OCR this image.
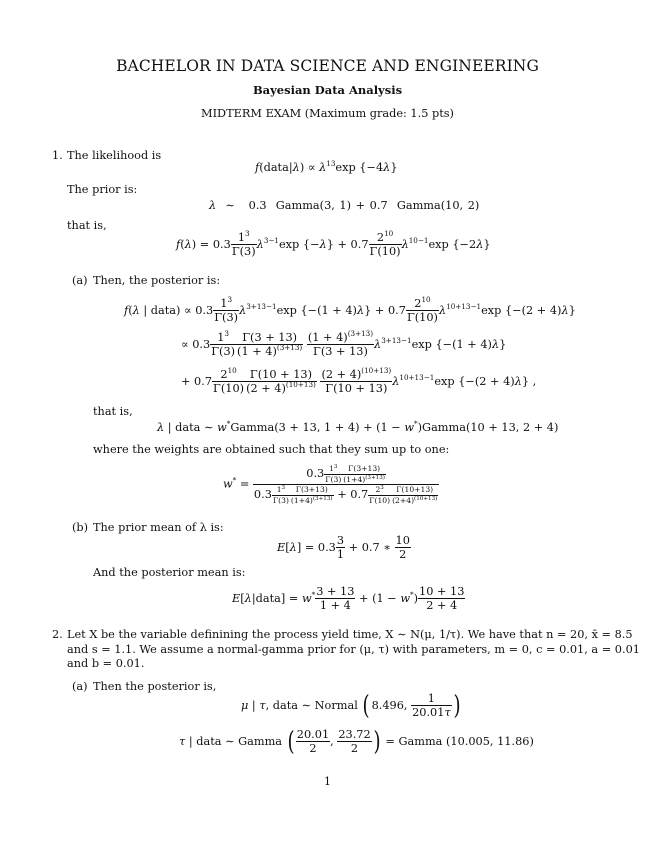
BACHELOR IN DATA SCIENCE AND ENGINEERING
Bayesian Data Analysis
MIDTERM EXAM (Maximum grade: 1.5 pts)
1. The likelihood is
f(data|λ) ∝ $\lambda^{13}\exp$ {−4λ}
The prior is:
λ  ∼   0.3  Gamma(3, 1) + 0.7  Gamma(10, 2)
that is,
$f(\lambda) = 0.3 \frac{1^3}{\Gamma(3)} \lambda^{3-1}\exp$ $\{-\lambda\} + 0.7 \frac{2^{10}}{\Gamma(10)} \lambda^{10-1}\exp$ {−2λ}
(a) Then, the posterior is:
f(λ | data) ∝ $0.3 \frac{1^3}{\Gamma(3)} \lambda^{3+13-1}\exp$ $\{-(1 + 4)\lambda\} + 0.7 \frac{2^{10}}{\Gamma(10)} \lambda^{10+13-1}\exp$ {−(2 + 4)λ}
∝ $0.3 \frac{1^3}{\Gamma(3)} \frac{\Gamma(3 + 13)}{(1 + 4)^{(3+13)}}$
$\frac{(1 + 4)^{(3+13)}}{\Gamma(3 + 13)} \lambda^{3+13-1}\exp$ {−(1 + 4)λ}
+ $0.7 \frac{2^{10}}{\Gamma(10)} \frac{\Gamma(10 + 13)}{(2 + 4)^{(10+13)}}$
$\frac{(2 + 4)^{(10+13)}}{\Gamma(10 + 13)} \lambda^{10+13-1}\exp$ {−(2 + 4)λ} ,
that is,
λ | data ∼ w*Gamma(3 + 13, 1 + 4) + (1 − w*)Gamma(10 + 13, 2 + 4)
where the weights are obtained such that they sum up to one:
$w^* = \frac{0.3 \frac{1^3}{\Gamma(3)} \frac{\Gamma(3+13)}{(1+4)^{(3+13)}}}{0.3 \frac{1^3}{\Gamma(3)} \frac{\Gamma(3+13)}{(1+4)^{(3+13)}} + 0.7 \frac{2^3}{\Gamma(10)} \frac{\Gamma(10+13)}{(2+4)^{(10+13)}}}$
(b) The prior mean of λ is:
$E[\lambda] = 0.3 \frac{3}{1} + 0.7$ ∗ $\frac{10}{2}$
And the posterior mean is:
E[λ|data] = $w^* \frac{3 + 13}{1 + 4} + (1 - w^*) \frac{10 + 13}{2 + 4}$
2. Let X be the variable definining the process yield time, X ∼ N(μ, 1/τ). We have that n = 20, x̄ = 8.5
and s = 1.1. We assume a normal-gamma prior for (μ, τ) with parameters, m = 0, c = 0.01, a = 0.01
and b = 0.01.
(a) Then the posterior is,
μ | τ, data ∼ Normal ( 8.496, $\frac{1}{20.01\tau}$ )
τ | data ∼ Gamma ( $\frac{20.01}{2}$ , $\frac{23.72}{2}$ ) = Gamma (10.005, 11.86)
1
